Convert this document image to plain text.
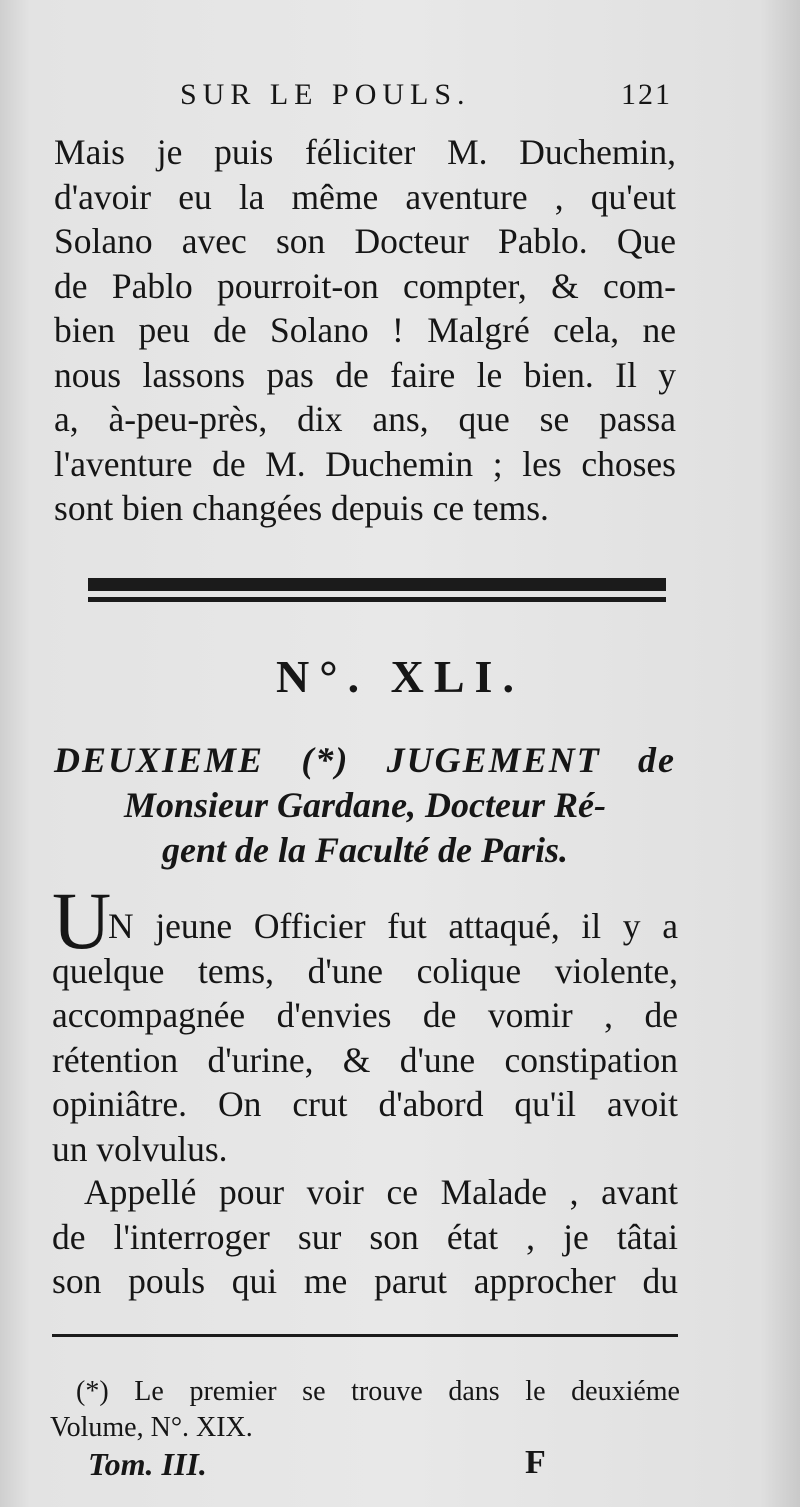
SUR LE POULS.	121
Mais je puis féliciter M. Duchemin,
d'avoir eu la même aventure , qu'eut
Solano avec son Docteur Pablo. Que
de Pablo pourroit-on compter, & com-
bien peu de Solano ! Malgré cela, ne
nous lassons pas de faire le bien. Il y
a, à-peu-près, dix ans, que se passa
l'aventure de M. Duchemin ; les choses
sont bien changées depuis ce tems.
N°. XLI.
DEUXIEME (*) JUGEMENT de
Monsieur Gardane, Docteur Ré-
gent de la Faculté de Paris.
U
N jeune Officier fut attaqué, il y a
quelque tems, d'une colique violente,
accompagnée d'envies de vomir , de
rétention d'urine, & d'une constipation
opiniâtre. On crut d'abord qu'il avoit
un volvulus.
Appellé pour voir ce Malade , avant
de l'interroger sur son état , je tâtai
son pouls qui me parut approcher du
(*) Le premier se trouve dans le deuxiéme
Volume, N°. XIX.
Tom. III.	F
